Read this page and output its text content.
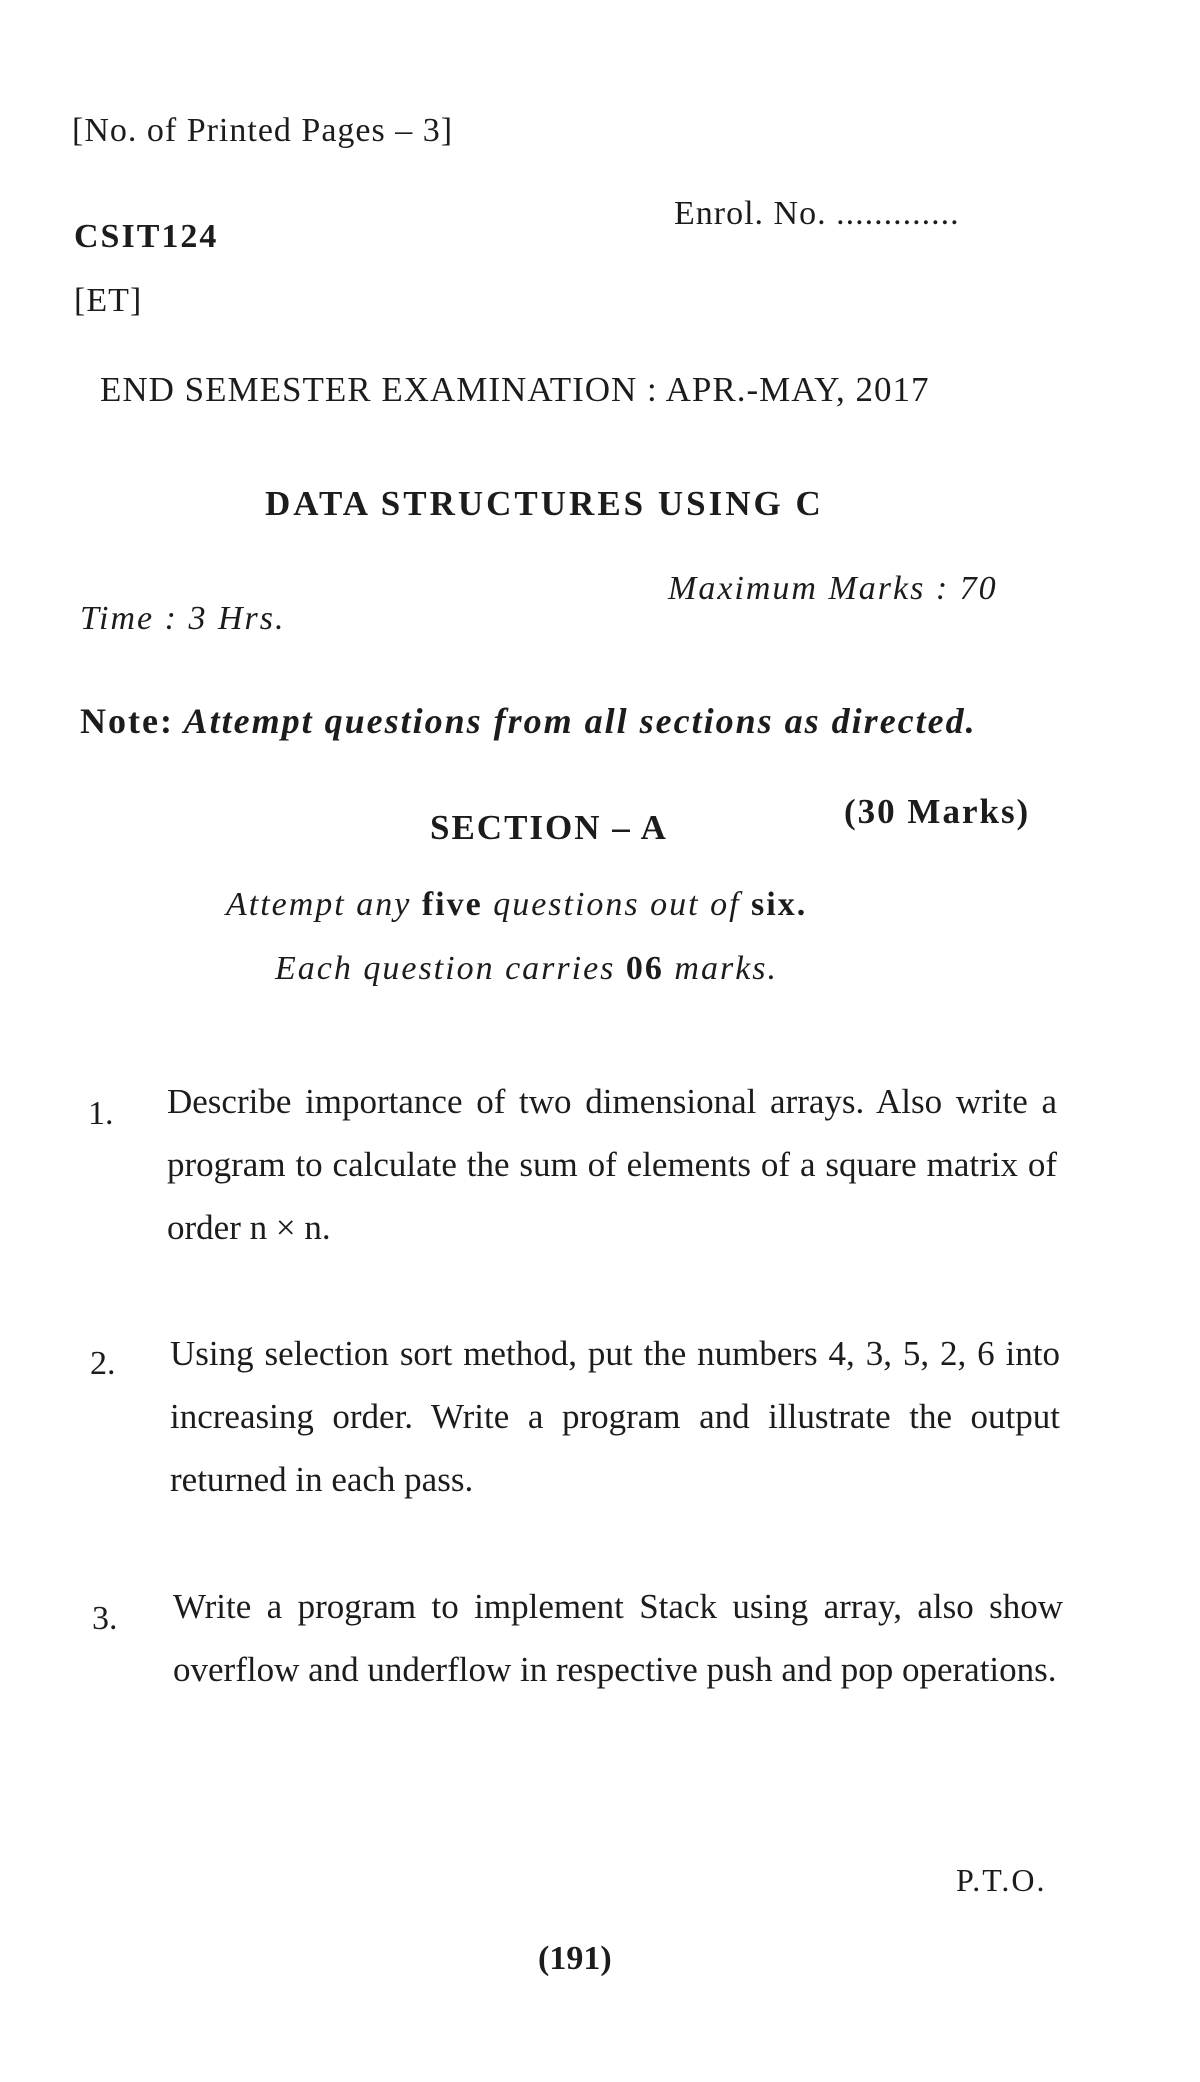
[No. of Printed Pages – 3]
Enrol. No. .............
CSIT124
[ET]
END SEMESTER EXAMINATION : APR.-MAY, 2017
DATA STRUCTURES USING C
Time : 3 Hrs.
Maximum Marks : 70
Note: Attempt questions from all sections as directed.
SECTION – A	(30 Marks)
Attempt any five questions out of six.
Each question carries 06 marks.
1. Describe importance of two dimensional arrays. Also write a program to calculate the sum of elements of a square matrix of order n × n.
2. Using selection sort method, put the numbers 4, 3, 5, 2, 6 into increasing order. Write a program and illustrate the output returned in each pass.
3. Write a program to implement Stack using array, also show overflow and underflow in respective push and pop operations.
P.T.O.
(191)
